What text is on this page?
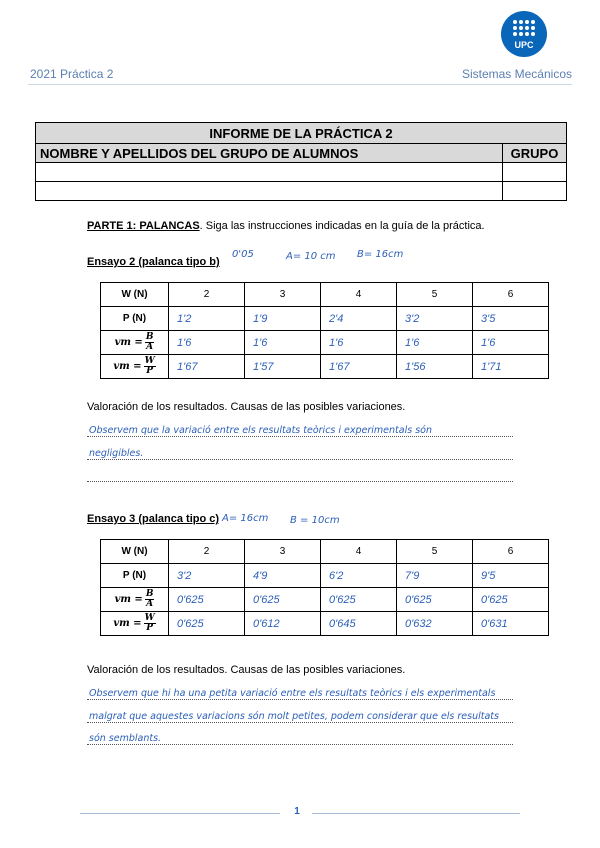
2021 Práctica 2	Sistemas Mecánicos
UPC
INFORME DE LA PRÁCTICA 2	
NOMBRE Y APELLIDOS DEL GRUPO DE ALUMNOS	GRUPO

PARTE 1: PALANCAS. Siga las instrucciones indicadas en la guía de la práctica.
Ensayo 2 (palanca tipo b)
0'05	A= 10 cm B= 16cm
W (N)	2	3	4	5	6
P (N)	1'2	1'9	2'4	3'2	3'5

vm = $\frac{B}{A}$	1'6	1'6	1'6	1'6	1'6

vm = $\frac{W}{P}$	1'67	1'57	1'67	1'56	1'71
Valoración de los resultados. Causas de las posibles variaciones.
Observem que la variació entre els resultats teòrics i experimentals són
negligibles.
Ensayo 3 (palanca tipo c) A= 16cm B = 10cm
W (N)	2	3	4	5	6
P (N)	3'2	4'9	6'2	7'9	9'5

vm = $\frac{B}{A}$	0'625	0'625	0'625	0'625	0'625

vm = $\frac{W}{P}$	0'625	0'612	0'645	0'632	0'631
Valoración de los resultados. Causas de las posibles variaciones.
Observem que hi ha una petita variació entre els resultats teòrics i els experimentals
malgrat que aquestes variacions són molt petites, podem considerar que els resultats
són semblants.
1
